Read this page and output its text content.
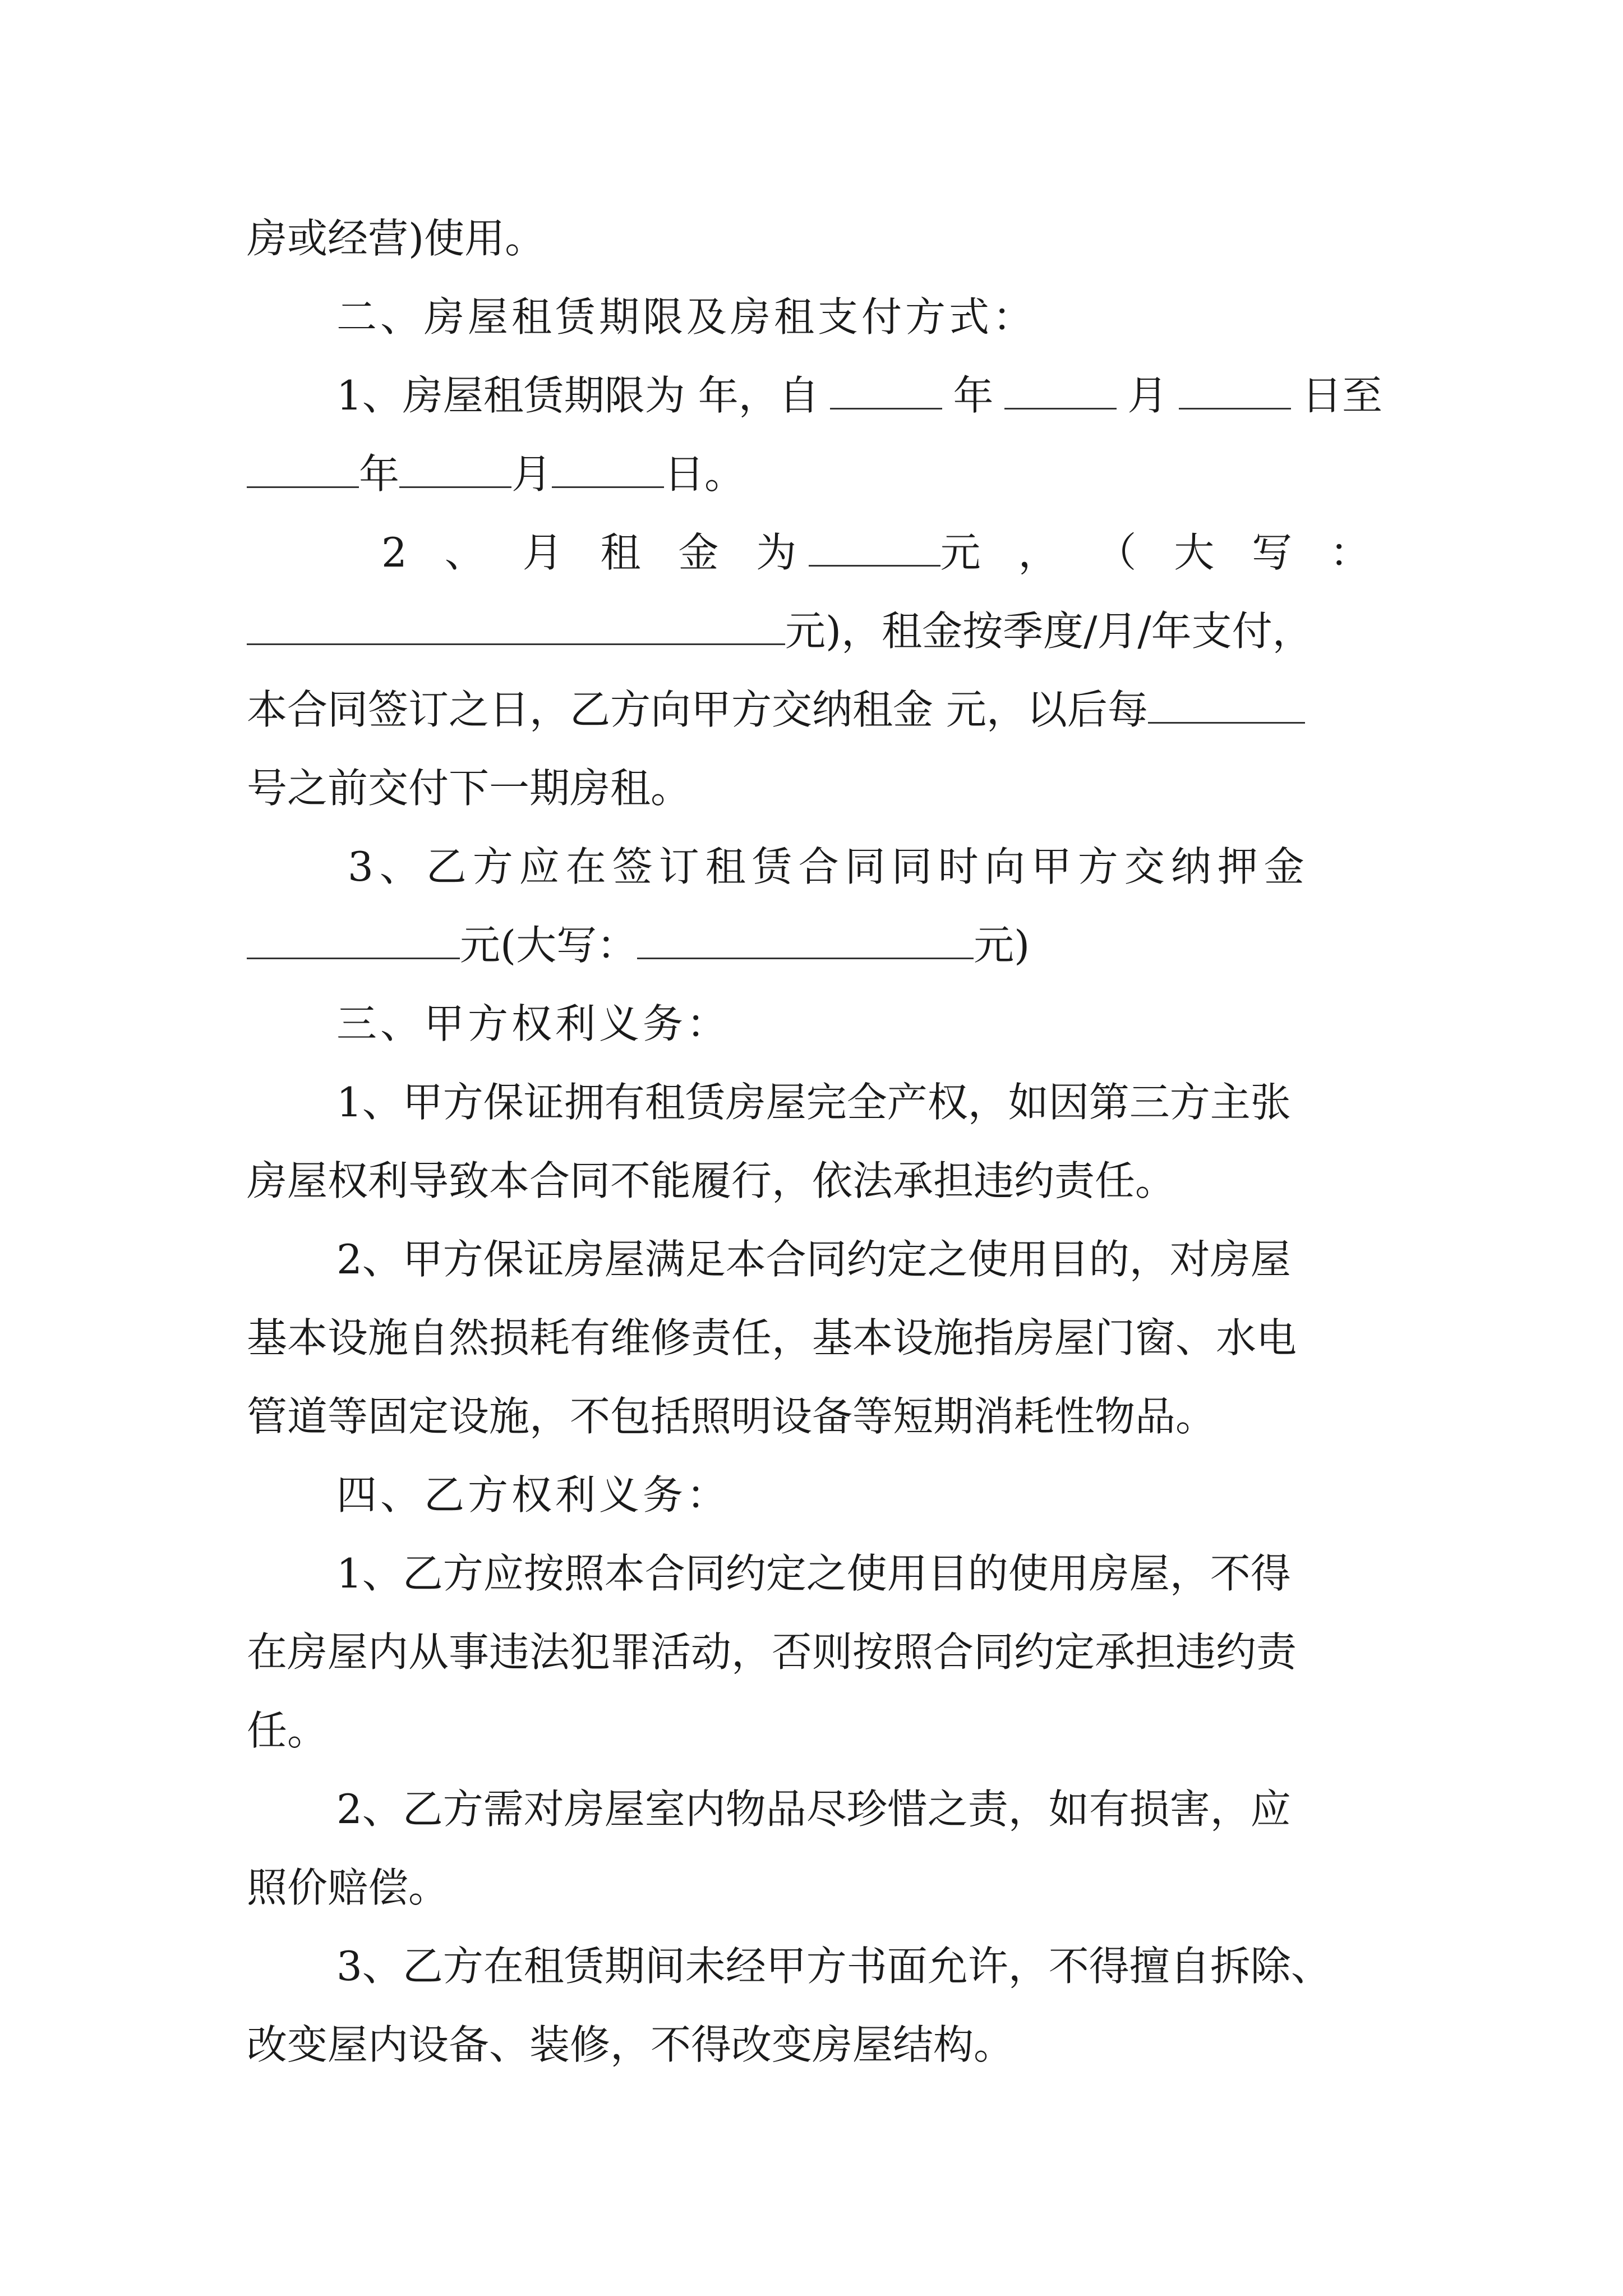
房或经营)使用。

二、房屋租赁期限及房租支付方式：

1、房屋租赁期限为 年，自	年	月	日至
年	月	日。
2 、 月 租 金 为	元 ， （ 大 写 ：
元)，租金按季度/月/年支付，
本合同签订之日，乙方向甲方交纳租金 元，以后每

号之前交付下一期房租。

3、乙方应在签订租赁合同同时向甲方交纳押金

元(大写：	元)

三、甲方权利义务：

1、甲方保证拥有租赁房屋完全产权，如因第三方主张

房屋权利导致本合同不能履行，依法承担违约责任。

2、甲方保证房屋满足本合同约定之使用目的，对房屋

基本设施自然损耗有维修责任，基本设施指房屋门窗、水电

管道等固定设施，不包括照明设备等短期消耗性物品。

四、乙方权利义务：

1、乙方应按照本合同约定之使用目的使用房屋，不得

在房屋内从事违法犯罪活动，否则按照合同约定承担违约责

任。

2、乙方需对房屋室内物品尽珍惜之责，如有损害，应

照价赔偿。

3、乙方在租赁期间未经甲方书面允许，不得擅自拆除、

改变屋内设备、装修，不得改变房屋结构。
